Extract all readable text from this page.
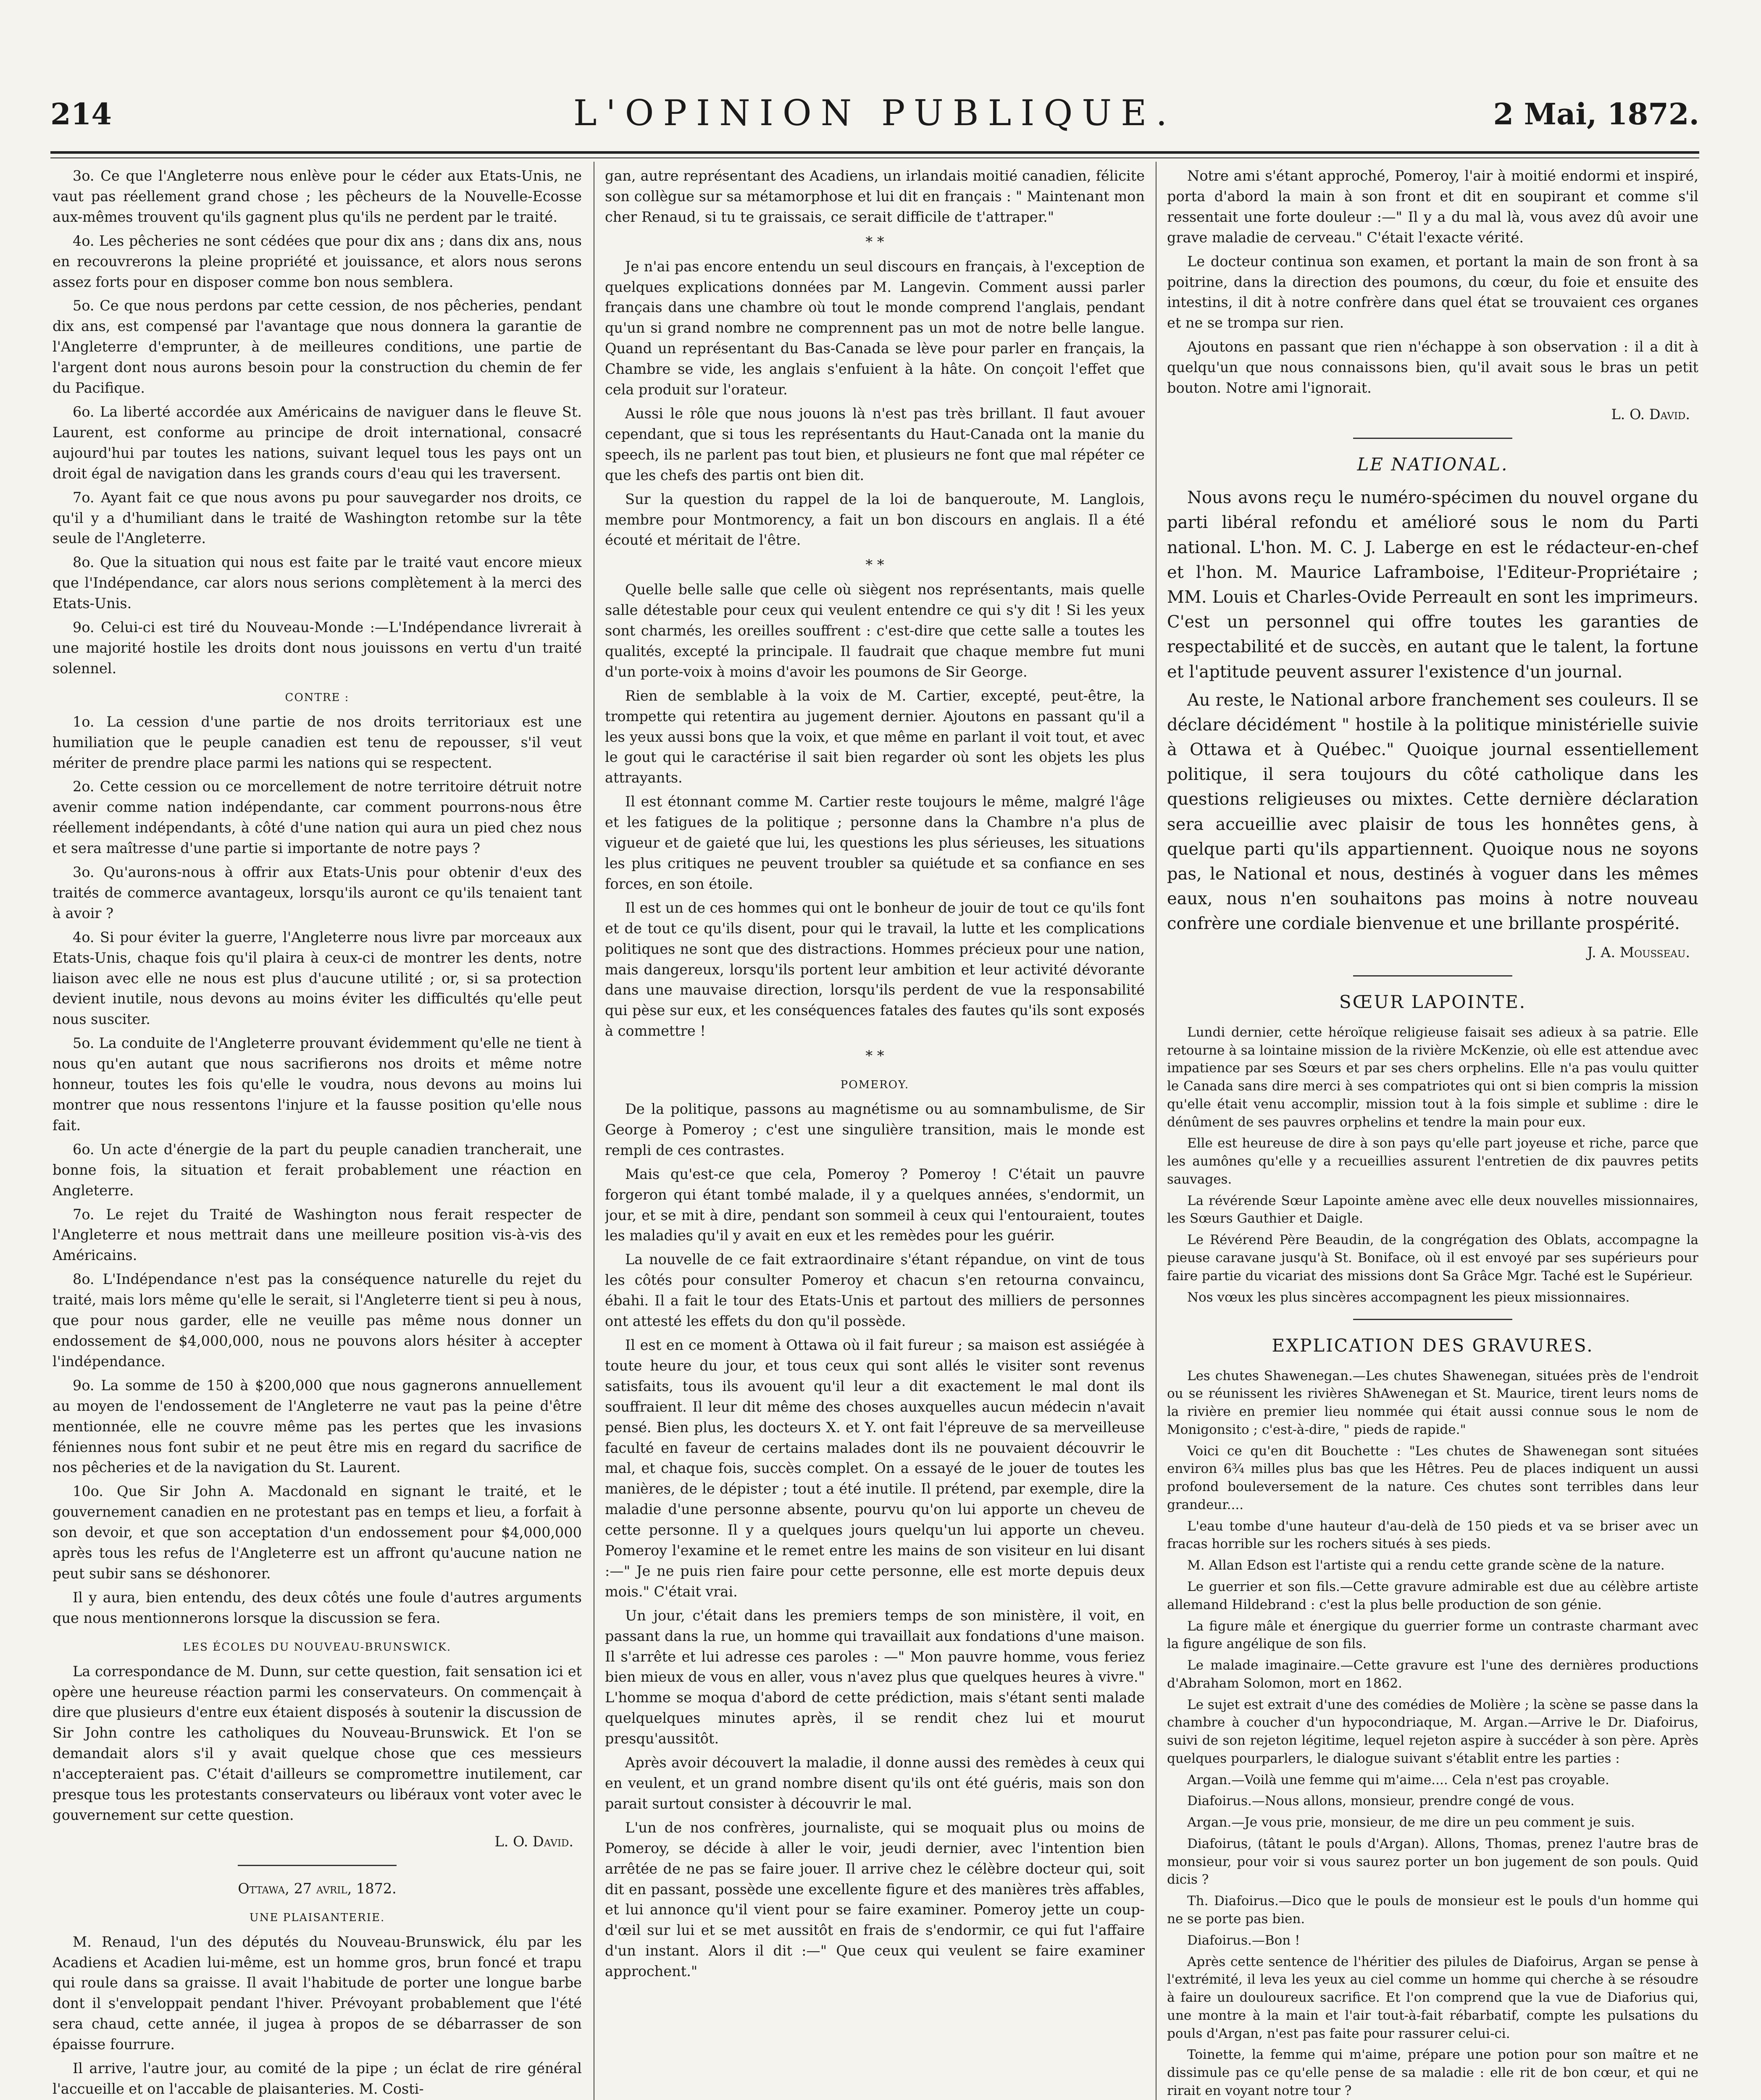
214	L'OPINION PUBLIQUE.	2 Mai, 1872.

3o. Ce que l'Angleterre nous enlève pour le céder aux Etats-Unis, ne vaut pas réellement grand chose ; les pêcheurs de la Nouvelle-Ecosse aux-mêmes trouvent qu'ils gagnent plus qu'ils ne perdent par le traité.

4o. Les pêcheries ne sont cédées que pour dix ans ; dans dix ans, nous en recouvrerons la pleine propriété et jouissance, et alors nous serons assez forts pour en disposer comme bon nous semblera.

5o. Ce que nous perdons par cette cession, de nos pêcheries, pendant dix ans, est compensé par l'avantage que nous donnera la garantie de l'Angleterre d'emprunter, à de meilleures conditions, une partie de l'argent dont nous aurons besoin pour la construction du chemin de fer du Pacifique.

6o. La liberté accordée aux Américains de naviguer dans le fleuve St. Laurent, est conforme au principe de droit international, consacré aujourd'hui par toutes les nations, suivant lequel tous les pays ont un droit égal de navigation dans les grands cours d'eau qui les traversent.

7o. Ayant fait ce que nous avons pu pour sauvegarder nos droits, ce qu'il y a d'humiliant dans le traité de Washington retombe sur la tête seule de l'Angleterre.

8o. Que la situation qui nous est faite par le traité vaut encore mieux que l'Indépendance, car alors nous serions complètement à la merci des Etats-Unis.

9o. Celui-ci est tiré du Nouveau-Monde :—L'Indépendance livrerait à une majorité hostile les droits dont nous jouissons en vertu d'un traité solennel.

CONTRE :

1o. La cession d'une partie de nos droits territoriaux est une humiliation que le peuple canadien est tenu de repousser, s'il veut mériter de prendre place parmi les nations qui se respectent.

2o. Cette cession ou ce morcellement de notre territoire détruit notre avenir comme nation indépendante, car comment pourrons-nous être réellement indépendants, à côté d'une nation qui aura un pied chez nous et sera maîtresse d'une partie si importante de notre pays ?

3o. Qu'aurons-nous à offrir aux Etats-Unis pour obtenir d'eux des traités de commerce avantageux, lorsqu'ils auront ce qu'ils tenaient tant à avoir ?

4o. Si pour éviter la guerre, l'Angleterre nous livre par morceaux aux Etats-Unis, chaque fois qu'il plaira à ceux-ci de montrer les dents, notre liaison avec elle ne nous est plus d'aucune utilité ; or, si sa protection devient inutile, nous devons au moins éviter les difficultés qu'elle peut nous susciter.

5o. La conduite de l'Angleterre prouvant évidemment qu'elle ne tient à nous qu'en autant que nous sacrifierons nos droits et même notre honneur, toutes les fois qu'elle le voudra, nous devons au moins lui montrer que nous ressentons l'injure et la fausse position qu'elle nous fait.

6o. Un acte d'énergie de la part du peuple canadien trancherait, une bonne fois, la situation et ferait probablement une réaction en Angleterre.

7o. Le rejet du Traité de Washington nous ferait respecter de l'Angleterre et nous mettrait dans une meilleure position vis-à-vis des Américains.

8o. L'Indépendance n'est pas la conséquence naturelle du rejet du traité, mais lors même qu'elle le serait, si l'Angleterre tient si peu à nous, que pour nous garder, elle ne veuille pas même nous donner un endossement de $4,000,000, nous ne pouvons alors hésiter à accepter l'indépendance.

9o. La somme de 150 à $200,000 que nous gagnerons annuellement au moyen de l'endossement de l'Angleterre ne vaut pas la peine d'être mentionnée, elle ne couvre même pas les pertes que les invasions féniennes nous font subir et ne peut être mis en regard du sacrifice de nos pêcheries et de la navigation du St. Laurent.

10o. Que Sir John A. Macdonald en signant le traité, et le gouvernement canadien en ne protestant pas en temps et lieu, a forfait à son devoir, et que son acceptation d'un endossement pour $4,000,000 après tous les refus de l'Angleterre est un affront qu'aucune nation ne peut subir sans se déshonorer.

Il y aura, bien entendu, des deux côtés une foule d'autres arguments que nous mentionnerons lorsque la discussion se fera.

LES ÉCOLES DU NOUVEAU-BRUNSWICK.

La correspondance de M. Dunn, sur cette question, fait sensation ici et opère une heureuse réaction parmi les conservateurs. On commençait à dire que plusieurs d'entre eux étaient disposés à soutenir la discussion de Sir John contre les catholiques du Nouveau-Brunswick. Et l'on se demandait alors s'il y avait quelque chose que ces messieurs n'accepteraient pas. C'était d'ailleurs se compromettre inutilement, car presque tous les protestants conservateurs ou libéraux vont voter avec le gouvernement sur cette question.

L. O. David.
Ottawa, 27 avril, 1872.
UNE PLAISANTERIE.

M. Renaud, l'un des députés du Nouveau-Brunswick, élu par les Acadiens et Acadien lui-même, est un homme gros, brun foncé et trapu qui roule dans sa graisse. Il avait l'habitude de porter une longue barbe dont il s'enveloppait pendant l'hiver. Prévoyant probablement que l'été sera chaud, cette année, il jugea à propos de se débarrasser de son épaisse fourrure.

Il arrive, l'autre jour, au comité de la pipe ; un éclat de rire général l'accueille et on l'accable de plaisanteries. M. Costi-

gan, autre représentant des Acadiens, un irlandais moitié canadien, félicite son collègue sur sa métamorphose et lui dit en français : " Maintenant mon cher Renaud, si tu te graissais, ce serait difficile de t'attraper."

* *

Je n'ai pas encore entendu un seul discours en français, à l'exception de quelques explications données par M. Langevin. Comment aussi parler français dans une chambre où tout le monde comprend l'anglais, pendant qu'un si grand nombre ne comprennent pas un mot de notre belle langue. Quand un représentant du Bas-Canada se lève pour parler en français, la Chambre se vide, les anglais s'enfuient à la hâte. On conçoit l'effet que cela produit sur l'orateur.

Aussi le rôle que nous jouons là n'est pas très brillant. Il faut avouer cependant, que si tous les représentants du Haut-Canada ont la manie du speech, ils ne parlent pas tout bien, et plusieurs ne font que mal répéter ce que les chefs des partis ont bien dit.

Sur la question du rappel de la loi de banqueroute, M. Langlois, membre pour Montmorency, a fait un bon discours en anglais. Il a été écouté et méritait de l'être.

* *

Quelle belle salle que celle où siègent nos représentants, mais quelle salle détestable pour ceux qui veulent entendre ce qui s'y dit ! Si les yeux sont charmés, les oreilles souffrent : c'est-dire que cette salle a toutes les qualités, excepté la principale. Il faudrait que chaque membre fut muni d'un porte-voix à moins d'avoir les poumons de Sir George.

Rien de semblable à la voix de M. Cartier, excepté, peut-être, la trompette qui retentira au jugement dernier. Ajoutons en passant qu'il a les yeux aussi bons que la voix, et que même en parlant il voit tout, et avec le gout qui le caractérise il sait bien regarder où sont les objets les plus attrayants.

Il est étonnant comme M. Cartier reste toujours le même, malgré l'âge et les fatigues de la politique ; personne dans la Chambre n'a plus de vigueur et de gaieté que lui, les questions les plus sérieuses, les situations les plus critiques ne peuvent troubler sa quiétude et sa confiance en ses forces, en son étoile.

Il est un de ces hommes qui ont le bonheur de jouir de tout ce qu'ils font et de tout ce qu'ils disent, pour qui le travail, la lutte et les complications politiques ne sont que des distractions. Hommes précieux pour une nation, mais dangereux, lorsqu'ils portent leur ambition et leur activité dévorante dans une mauvaise direction, lorsqu'ils perdent de vue la responsabilité qui pèse sur eux, et les conséquences fatales des fautes qu'ils sont exposés à commettre !

* *
POMEROY.

De la politique, passons au magnétisme ou au somnambulisme, de Sir George à Pomeroy ; c'est une singulière transition, mais le monde est rempli de ces contrastes.

Mais qu'est-ce que cela, Pomeroy ? Pomeroy ! C'était un pauvre forgeron qui étant tombé malade, il y a quelques années, s'endormit, un jour, et se mit à dire, pendant son sommeil à ceux qui l'entouraient, toutes les maladies qu'il y avait en eux et les remèdes pour les guérir.

La nouvelle de ce fait extraordinaire s'étant répandue, on vint de tous les côtés pour consulter Pomeroy et chacun s'en retourna convaincu, ébahi. Il a fait le tour des Etats-Unis et partout des milliers de personnes ont attesté les effets du don qu'il possède.

Il est en ce moment à Ottawa où il fait fureur ; sa maison est assiégée à toute heure du jour, et tous ceux qui sont allés le visiter sont revenus satisfaits, tous ils avouent qu'il leur a dit exactement le mal dont ils souffraient. Il leur dit même des choses auxquelles aucun médecin n'avait pensé. Bien plus, les docteurs X. et Y. ont fait l'épreuve de sa merveilleuse faculté en faveur de certains malades dont ils ne pouvaient découvrir le mal, et chaque fois, succès complet. On a essayé de le jouer de toutes les manières, de le dépister ; tout a été inutile. Il prétend, par exemple, dire la maladie d'une personne absente, pourvu qu'on lui apporte un cheveu de cette personne. Il y a quelques jours quelqu'un lui apporte un cheveu. Pomeroy l'examine et le remet entre les mains de son visiteur en lui disant :—" Je ne puis rien faire pour cette personne, elle est morte depuis deux mois." C'était vrai.

Un jour, c'était dans les premiers temps de son ministère, il voit, en passant dans la rue, un homme qui travaillait aux fondations d'une maison. Il s'arrête et lui adresse ces paroles : —" Mon pauvre homme, vous feriez bien mieux de vous en aller, vous n'avez plus que quelques heures à vivre." L'homme se moqua d'abord de cette prédiction, mais s'étant senti malade quelquelques minutes après, il se rendit chez lui et mourut presqu'aussitôt.

Après avoir découvert la maladie, il donne aussi des remèdes à ceux qui en veulent, et un grand nombre disent qu'ils ont été guéris, mais son don parait surtout consister à découvrir le mal.

L'un de nos confrères, journaliste, qui se moquait plus ou moins de Pomeroy, se décide à aller le voir, jeudi dernier, avec l'intention bien arrêtée de ne pas se faire jouer. Il arrive chez le célèbre docteur qui, soit dit en passant, possède une excellente figure et des manières très affables, et lui annonce qu'il vient pour se faire examiner. Pomeroy jette un coup-d'œil sur lui et se met aussitôt en frais de s'endormir, ce qui fut l'affaire d'un instant. Alors il dit :—" Que ceux qui veulent se faire examiner approchent."

Notre ami s'étant approché, Pomeroy, l'air à moitié endormi et inspiré, porta d'abord la main à son front et dit en soupirant et comme s'il ressentait une forte douleur :—" Il y a du mal là, vous avez dû avoir une grave maladie de cerveau." C'était l'exacte vérité.

Le docteur continua son examen, et portant la main de son front à sa poitrine, dans la direction des poumons, du cœur, du foie et ensuite des intestins, il dit à notre confrère dans quel état se trouvaient ces organes et ne se trompa sur rien.

Ajoutons en passant que rien n'échappe à son observation : il a dit à quelqu'un que nous connaissons bien, qu'il avait sous le bras un petit bouton. Notre ami l'ignorait.

L. O. David.
LE NATIONAL.

Nous avons reçu le numéro-spécimen du nouvel organe du parti libéral refondu et amélioré sous le nom du Parti national. L'hon. M. C. J. Laberge en est le rédacteur-en-chef et l'hon. M. Maurice Laframboise, l'Editeur-Propriétaire ; MM. Louis et Charles-Ovide Perreault en sont les imprimeurs. C'est un personnel qui offre toutes les garanties de respectabilité et de succès, en autant que le talent, la fortune et l'aptitude peuvent assurer l'existence d'un journal.

Au reste, le National arbore franchement ses couleurs. Il se déclare décidément " hostile à la politique ministérielle suivie à Ottawa et à Québec." Quoique journal essentiellement politique, il sera toujours du côté catholique dans les questions religieuses ou mixtes. Cette dernière déclaration sera accueillie avec plaisir de tous les honnêtes gens, à quelque parti qu'ils appartiennent. Quoique nous ne soyons pas, le National et nous, destinés à voguer dans les mêmes eaux, nous n'en souhaitons pas moins à notre nouveau confrère une cordiale bienvenue et une brillante prospérité.

J. A. Mousseau.
SŒUR LAPOINTE.

Lundi dernier, cette héroïque religieuse faisait ses adieux à sa patrie. Elle retourne à sa lointaine mission de la rivière McKenzie, où elle est attendue avec impatience par ses Sœurs et par ses chers orphelins. Elle n'a pas voulu quitter le Canada sans dire merci à ses compatriotes qui ont si bien compris la mission qu'elle était venu accomplir, mission tout à la fois simple et sublime : dire le dénûment de ses pauvres orphelins et tendre la main pour eux.

Elle est heureuse de dire à son pays qu'elle part joyeuse et riche, parce que les aumônes qu'elle y a recueillies assurent l'entretien de dix pauvres petits sauvages.

La révérende Sœur Lapointe amène avec elle deux nouvelles missionnaires, les Sœurs Gauthier et Daigle.

Le Révérend Père Beaudin, de la congrégation des Oblats, accompagne la pieuse caravane jusqu'à St. Boniface, où il est envoyé par ses supérieurs pour faire partie du vicariat des missions dont Sa Grâce Mgr. Taché est le Supérieur.

Nos vœux les plus sincères accompagnent les pieux missionnaires.

EXPLICATION DES GRAVURES.

Les chutes Shawenegan.—Les chutes Shawenegan, situées près de l'endroit ou se réunissent les rivières ShAwenegan et St. Maurice, tirent leurs noms de la rivière en premier lieu nommée qui était aussi connue sous le nom de Monigonsito ; c'est-à-dire, " pieds de rapide."

Voici ce qu'en dit Bouchette : "Les chutes de Shawenegan sont situées environ 6¾ milles plus bas que les Hêtres. Peu de places indiquent un aussi profond bouleversement de la nature. Ces chutes sont terribles dans leur grandeur....

L'eau tombe d'une hauteur d'au-delà de 150 pieds et va se briser avec un fracas horrible sur les rochers situés à ses pieds.

M. Allan Edson est l'artiste qui a rendu cette grande scène de la nature.

Le guerrier et son fils.—Cette gravure admirable est due au célèbre artiste allemand Hildebrand : c'est la plus belle production de son génie.

La figure mâle et énergique du guerrier forme un contraste charmant avec la figure angélique de son fils.

Le malade imaginaire.—Cette gravure est l'une des dernières productions d'Abraham Solomon, mort en 1862.

Le sujet est extrait d'une des comédies de Molière ; la scène se passe dans la chambre à coucher d'un hypocondriaque, M. Argan.—Arrive le Dr. Diafoirus, suivi de son rejeton légitime, lequel rejeton aspire à succéder à son père. Après quelques pourparlers, le dialogue suivant s'établit entre les parties :

Argan.—Voilà une femme qui m'aime.... Cela n'est pas croyable.

Diafoirus.—Nous allons, monsieur, prendre congé de vous.

Argan.—Je vous prie, monsieur, de me dire un peu comment je suis.

Diafoirus, (tâtant le pouls d'Argan). Allons, Thomas, prenez l'autre bras de monsieur, pour voir si vous saurez porter un bon jugement de son pouls. Quid dicis ?

Th. Diafoirus.—Dico que le pouls de monsieur est le pouls d'un homme qui ne se porte pas bien.

Diafoirus.—Bon !

Après cette sentence de l'héritier des pilules de Diafoirus, Argan se pense à l'extrémité, il leva les yeux au ciel comme un homme qui cherche à se résoudre à faire un douloureux sacrifice. Et l'on comprend que la vue de Diaforius qui, une montre à la main et l'air tout-à-fait rébarbatif, compte les pulsations du pouls d'Argan, n'est pas faite pour rassurer celui-ci.

Toinette, la femme qui m'aime, prépare une potion pour son maître et ne dissimule pas ce qu'elle pense de sa maladie : elle rit de bon cœur, et qui ne rirait en voyant notre tour ?
